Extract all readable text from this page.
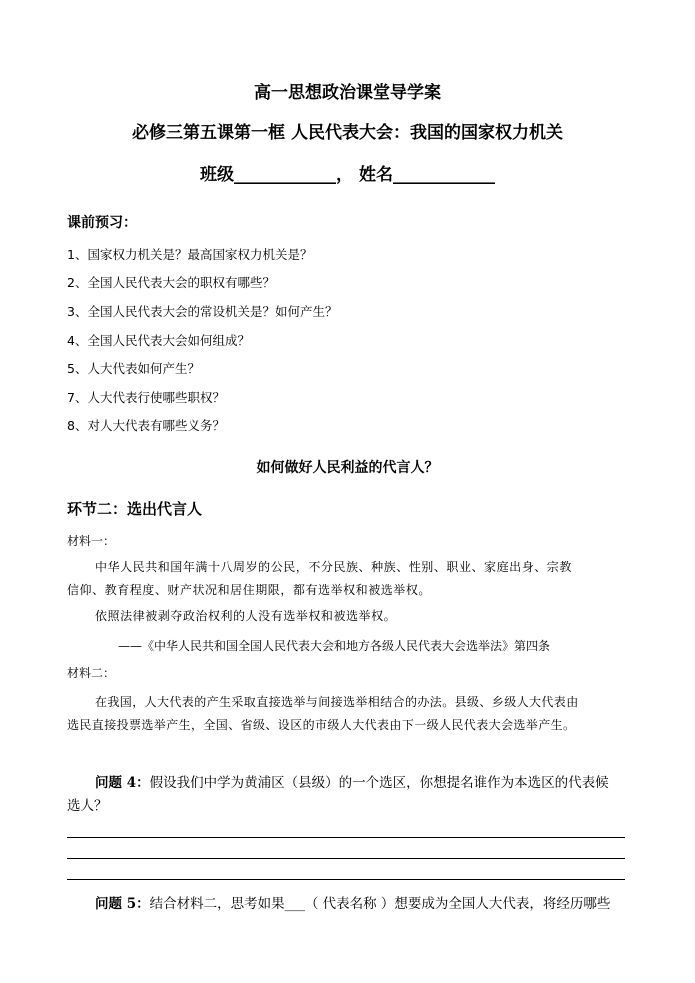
高一思想政治课堂导学案
必修三第五课第一框 人民代表大会：我国的国家权力机关
班级____________， 姓名____________
课前预习：
1、国家权力机关是？最高国家权力机关是？
2、全国人民代表大会的职权有哪些？
3、全国人民代表大会的常设机关是？如何产生？
4、全国人民代表大会如何组成？
5、人大代表如何产生？
7、人大代表行使哪些职权？
8、对人大代表有哪些义务？
如何做好人民利益的代言人？
环节二：选出代言人
材料一：
中华人民共和国年满十八周岁的公民，不分民族、种族、性别、职业、家庭出身、宗教
信仰、教育程度、财产状况和居住期限，都有选举权和被选举权。
依照法律被剥夺政治权利的人没有选举权和被选举权。
——《中华人民共和国全国人民代表大会和地方各级人民代表大会选举法》第四条
材料二：
在我国，人大代表的产生采取直接选举与间接选举相结合的办法。县级、乡级人大代表由
选民直接投票选举产生，全国、省级、设区的市级人大代表由下一级人民代表大会选举产生。
问题 4：假设我们中学为黄浦区（县级）的一个选区，你想提名谁作为本选区的代表候
选人？
问题 5：结合材料二，思考如果___（ 代表名称 ）想要成为全国人大代表，将经历哪些
